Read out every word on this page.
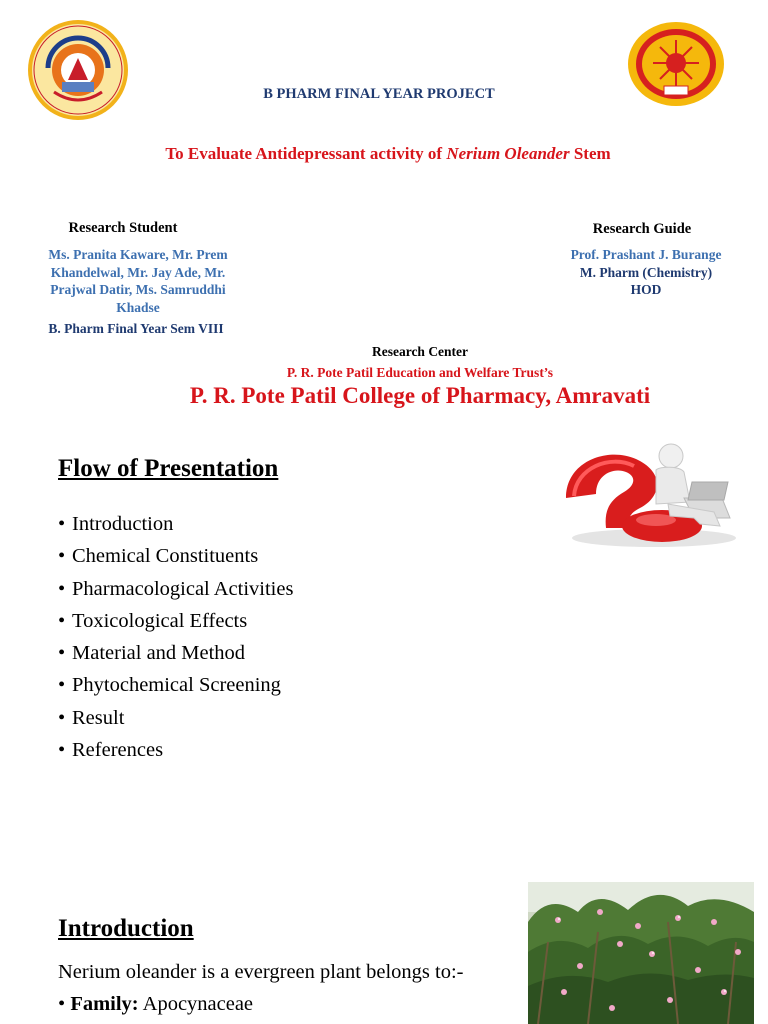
B PHARM FINAL YEAR PROJECT
To Evaluate Antidepressant activity of Nerium Oleander Stem
Research Student
Ms. Pranita Kaware, Mr. Prem Khandelwal, Mr. Jay Ade, Mr. Prajwal Datir, Ms. Samruddhi Khadse
B. Pharm Final Year Sem VIII
Research Guide
Prof. Prashant J. Burange
M. Pharm (Chemistry)
HOD
Research Center
P. R. Pote Patil Education and Welfare Trust’s
P. R. Pote Patil College of Pharmacy, Amravati
Flow of Presentation
• Introduction
• Chemical Constituents
• Pharmacological Activities
• Toxicological Effects
• Material and Method
• Phytochemical Screening
• Result
• References
Introduction
Nerium oleander is a evergreen plant belongs to:-
• Family: Apocynaceae
